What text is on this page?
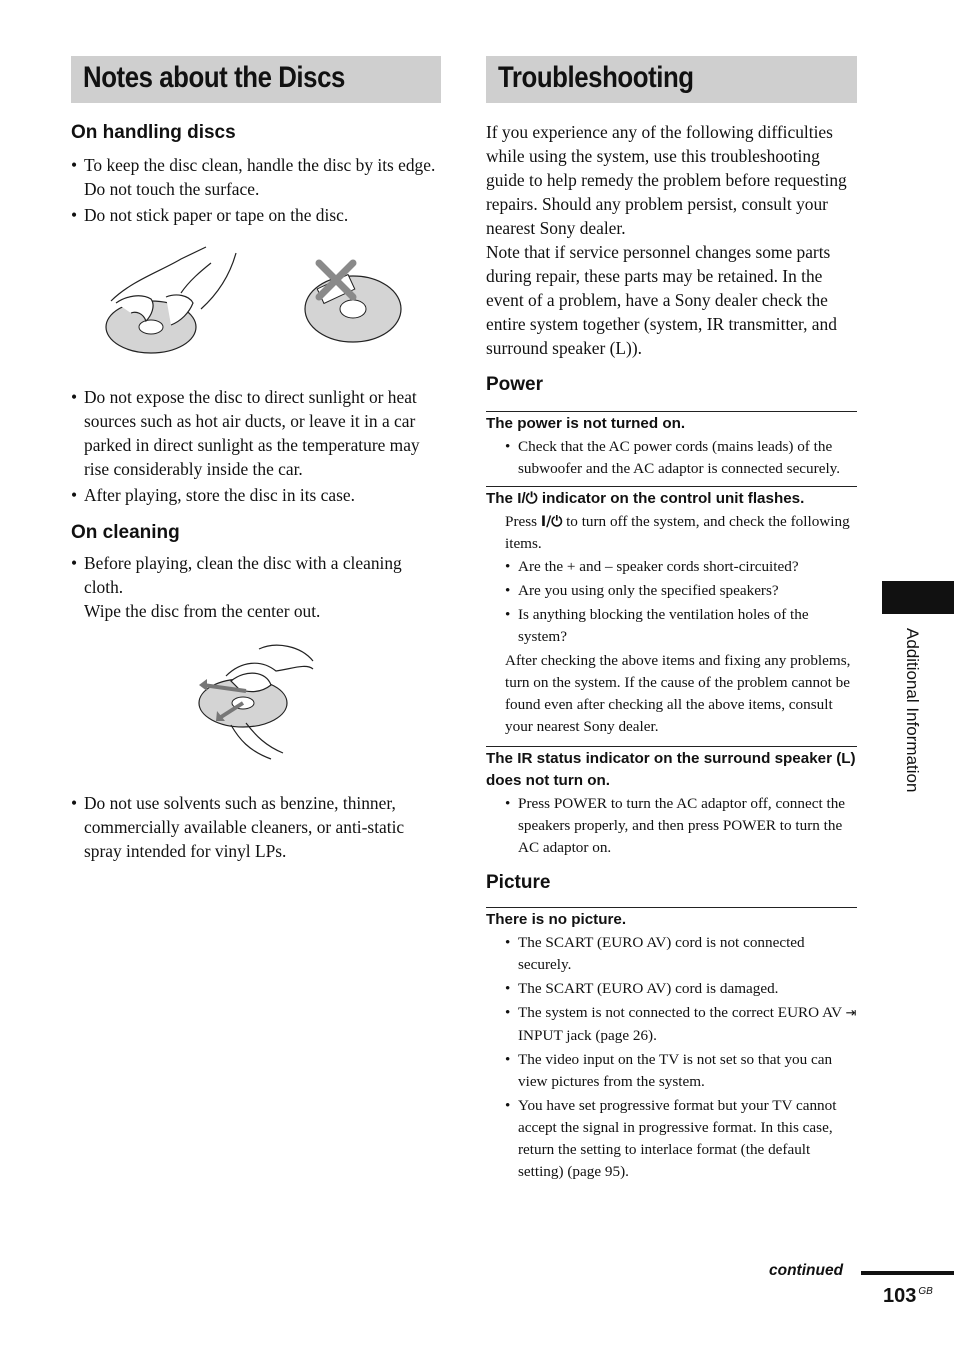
Notes about the Discs
On handling discs
• To keep the disc clean, handle the disc by its edge. Do not touch the surface.
• Do not stick paper or tape on the disc.
• Do not expose the disc to direct sunlight or heat sources such as hot air ducts, or leave it in a car parked in direct sunlight as the temperature may rise considerably inside the car.
• After playing, store the disc in its case.
On cleaning
• Before playing, clean the disc with a cleaning cloth.
Wipe the disc from the center out.
• Do not use solvents such as benzine, thinner, commercially available cleaners, or anti-static spray intended for vinyl LPs.
Troubleshooting

If you experience any of the following difficulties while using the system, use this troubleshooting guide to help remedy the problem before requesting repairs. Should any problem persist, consult your nearest Sony dealer.

Note that if service personnel changes some parts during repair, these parts may be retained. In the event of a problem, have a Sony dealer check the entire system together (system, IR transmitter, and surround speaker (L)).

Power
The power is not turned on.
• Check that the AC power cords (mains leads) of the subwoofer and the AC adaptor is connected securely.
The I/⏻ indicator on the control unit flashes.
Press I/⏻ to turn off the system, and check the following items.
• Are the + and – speaker cords short-circuited?
• Are you using only the specified speakers?
• Is anything blocking the ventilation holes of the system?
After checking the above items and fixing any problems, turn on the system. If the cause of the problem cannot be found even after checking all the above items, consult your nearest Sony dealer.
The IR status indicator on the surround speaker (L) does not turn on.
• Press POWER to turn the AC adaptor off, connect the speakers properly, and then press POWER to turn the AC adaptor on.
Picture
There is no picture.
• The SCART (EURO AV) cord is not connected securely.
• The SCART (EURO AV) cord is damaged.
• The system is not connected to the correct EURO AV ⇥ INPUT jack (page 26).
• The video input on the TV is not set so that you can view pictures from the system.
• You have set progressive format but your TV cannot accept the signal in progressive format. In this case, return the setting to interlace format (the default setting) (page 95).
Additional Information
continued
103 $^{GB}$
